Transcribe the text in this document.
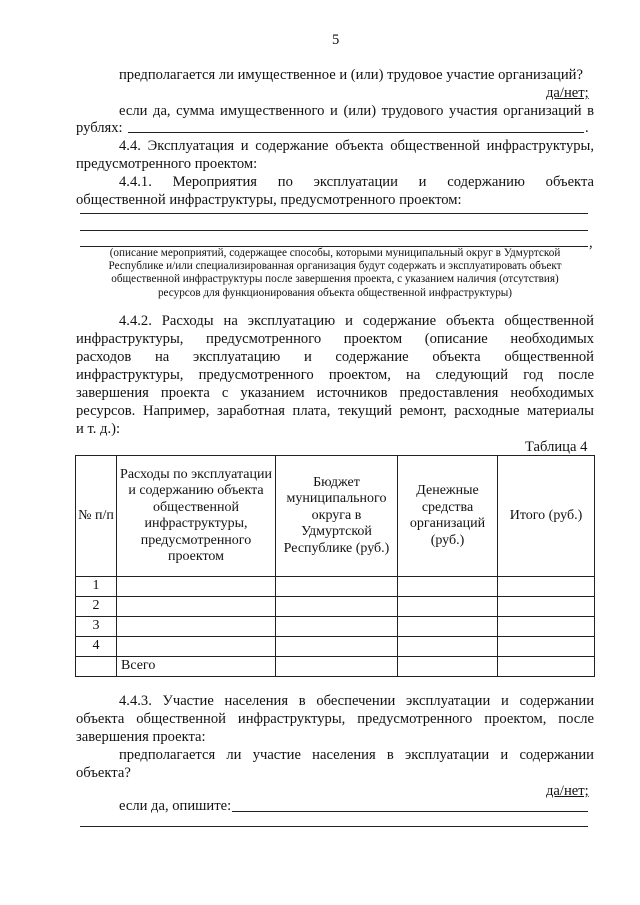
5
предполагается ли имущественное и (или) трудовое участие организаций?
да/нет;
если да, сумма имущественного и (или) трудового участия организаций в
рублях:	.
4.4. Эксплуатация и содержание объекта общественной инфраструктуры,
предусмотренного проектом:
4.4.1. Мероприятия по эксплуатации и содержанию объекта
общественной инфраструктуры, предусмотренного проектом:
,
(описание мероприятий, содержащее способы, которыми муниципальный округ в Удмуртской
Республике и/или специализированная организация будут содержать и эксплуатировать объект
общественной инфраструктуры после завершения проекта, с указанием наличия (отсутствия)
ресурсов для функционирования объекта общественной инфраструктуры)
4.4.2. Расходы на эксплуатацию и содержание объекта общественной
инфраструктуры, предусмотренного проектом (описание необходимых
расходов на эксплуатацию и содержание объекта общественной
инфраструктуры, предусмотренного проектом, на следующий год после
завершения проекта с указанием источников предоставления необходимых
ресурсов. Например, заработная плата, текущий ремонт, расходные материалы
и т. д.):
Таблица 4
№ п/п	Расходы по эксплуатации и содержанию объекта общественной инфраструктуры, предусмотренного проектом	Бюджет муниципального округа в Удмуртской Республике (руб.)	Денежные средства организаций (руб.)	Итого (руб.)
1				
2				
3				
4				
	Всего			
4.4.3. Участие населения в обеспечении эксплуатации и содержании
объекта общественной инфраструктуры, предусмотренного проектом, после
завершения проекта:
предполагается ли участие населения в эксплуатации и содержании
объекта?
да/нет;
если да, опишите:
